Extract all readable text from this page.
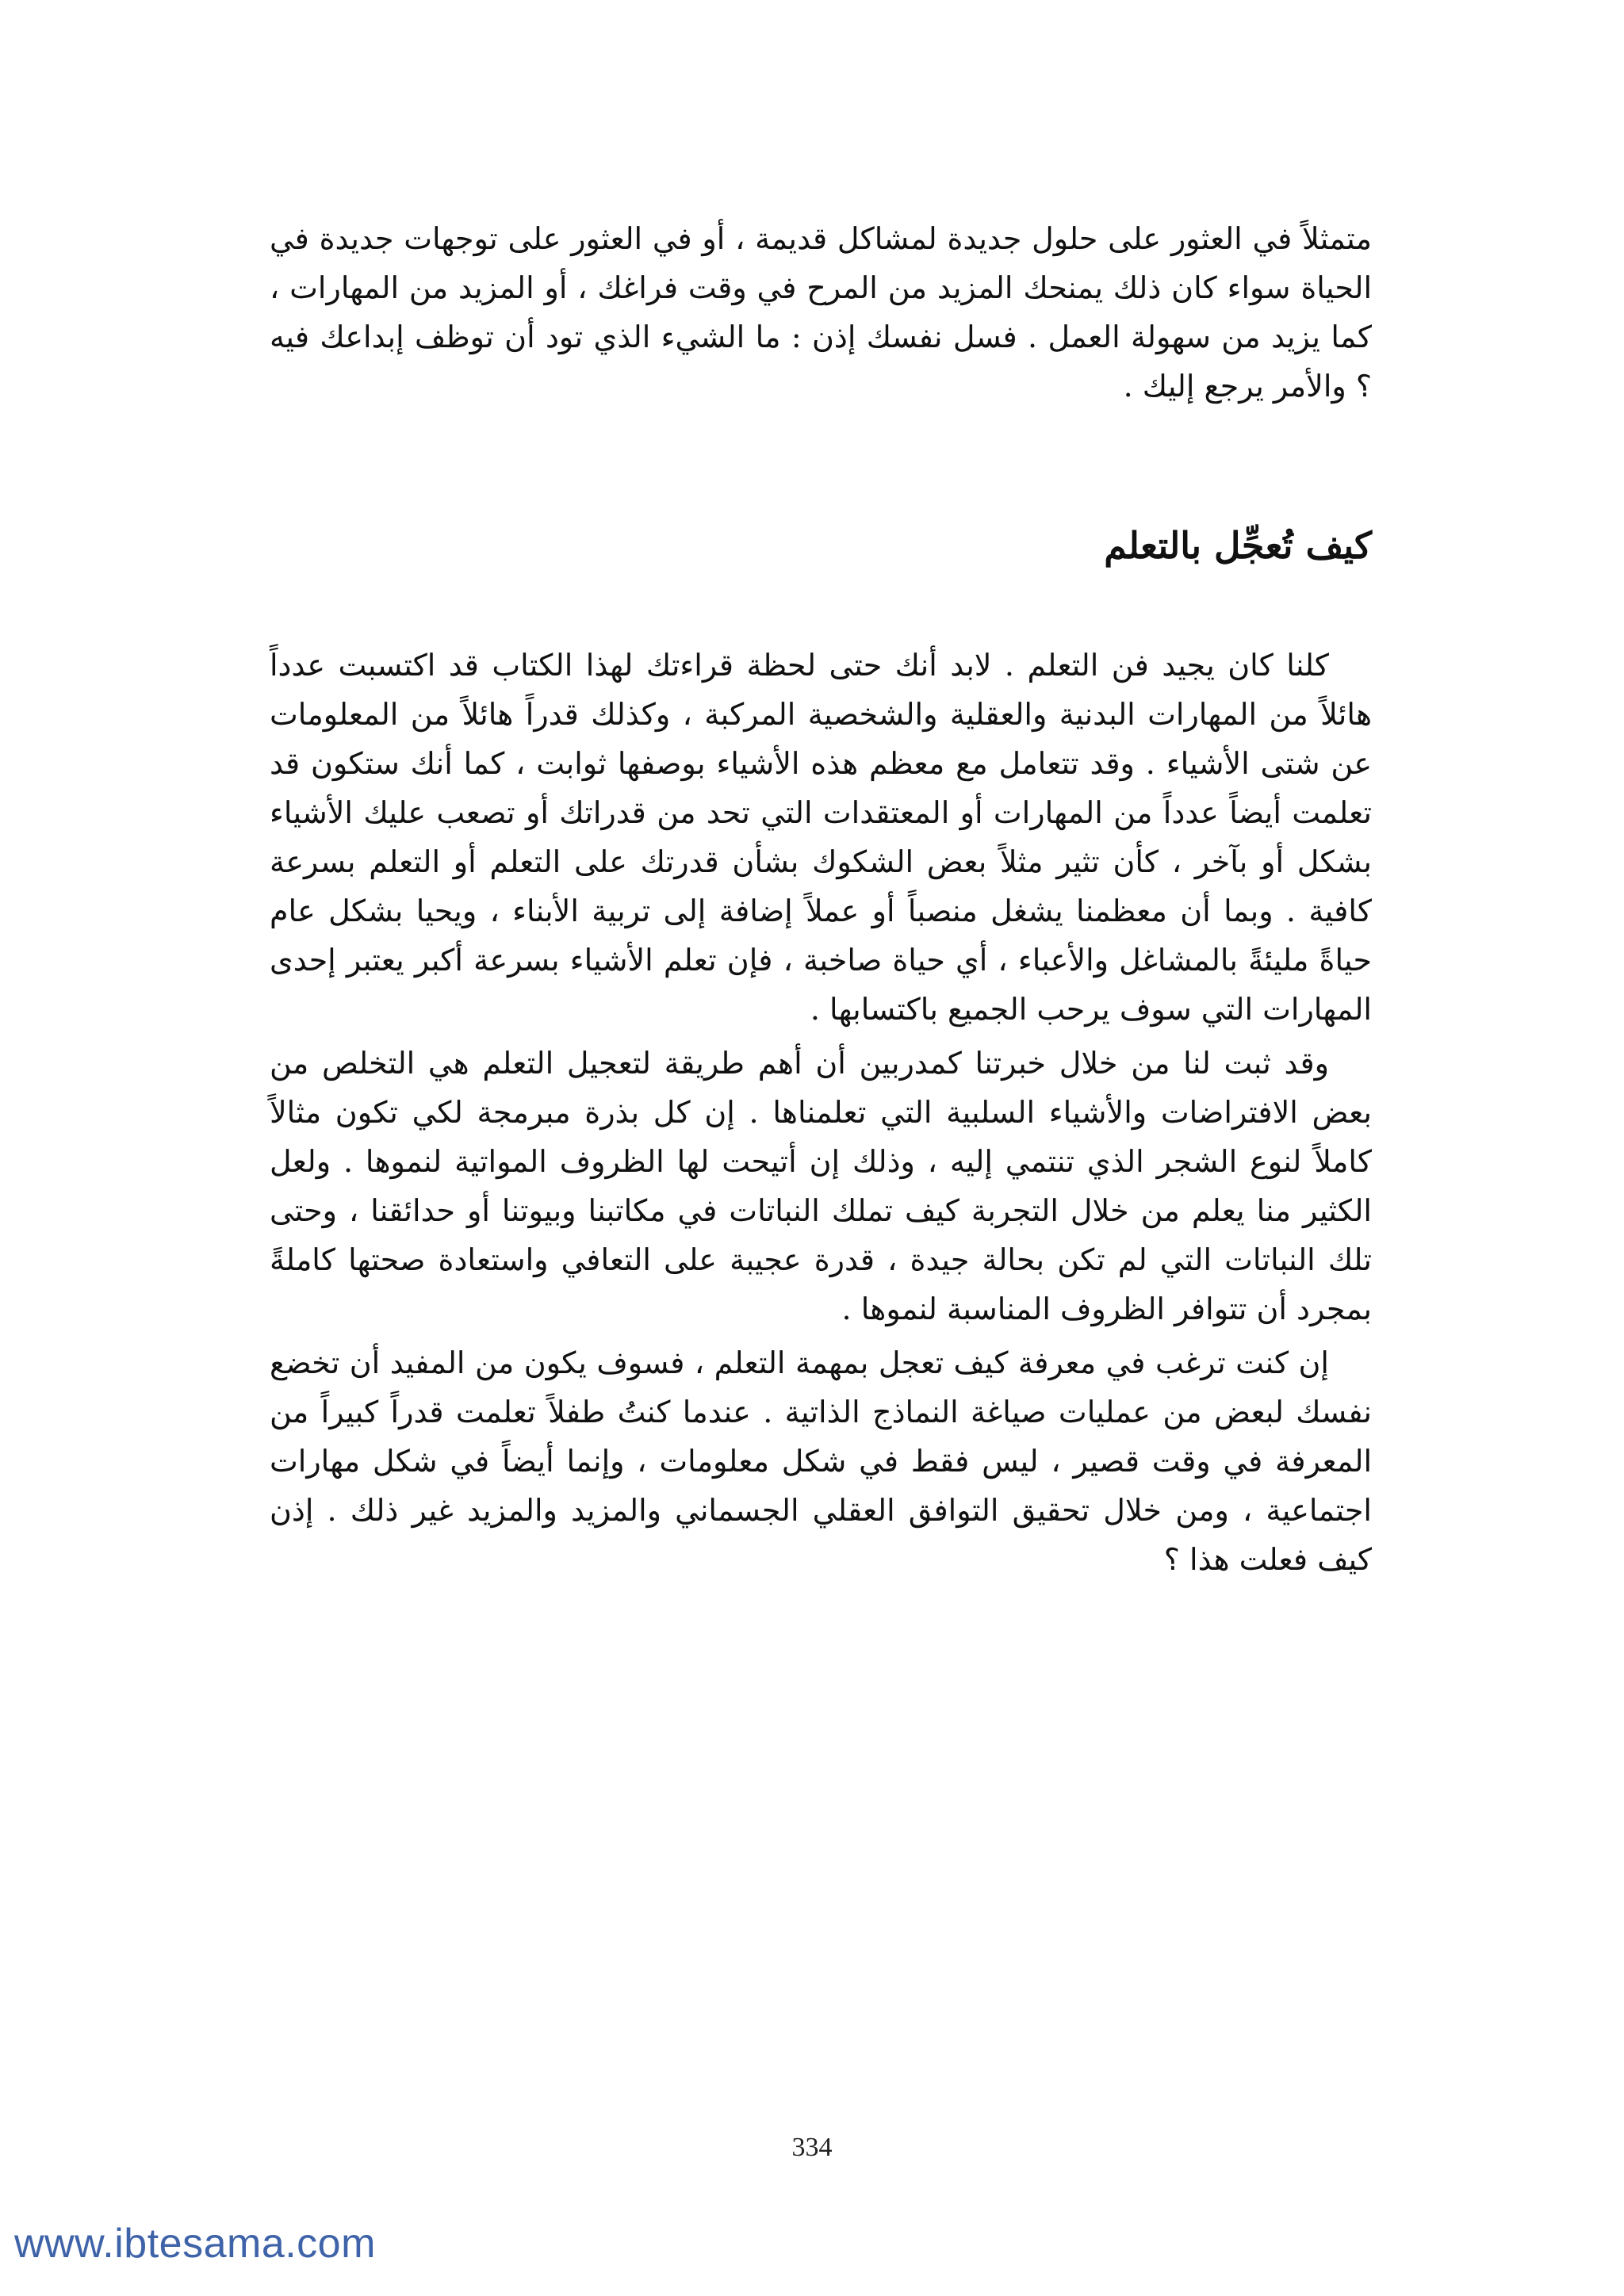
متمثلاً في العثور على حلول جديدة لمشاكل قديمة ، أو في العثور على توجهات جديدة في الحياة سواء كان ذلك يمنحك المزيد من المرح في وقت فراغك ، أو المزيد من المهارات ، كما يزيد من سهولة العمل . فسل نفسك إذن : ما الشيء الذي تود أن توظف إبداعك فيه ؟ والأمر يرجع إليك .

كيف تُعجِّل بالتعلم

كلنا كان يجيد فن التعلم . لابد أنك حتى لحظة قراءتك لهذا الكتاب قد اكتسبت عدداً هائلاً من المهارات البدنية والعقلية والشخصية المركبة ، وكذلك قدراً هائلاً من المعلومات عن شتى الأشياء . وقد تتعامل مع معظم هذه الأشياء بوصفها ثوابت ، كما أنك ستكون قد تعلمت أيضاً عدداً من المهارات أو المعتقدات التي تحد من قدراتك أو تصعب عليك الأشياء بشكل أو بآخر ، كأن تثير مثلاً بعض الشكوك بشأن قدرتك على التعلم أو التعلم بسرعة كافية . وبما أن معظمنا يشغل منصباً أو عملاً إضافة إلى تربية الأبناء ، ويحيا بشكل عام حياةً مليئةً بالمشاغل والأعباء ، أي حياة صاخبة ، فإن تعلم الأشياء بسرعة أكبر يعتبر إحدى المهارات التي سوف يرحب الجميع باكتسابها .

وقد ثبت لنا من خلال خبرتنا كمدربين أن أهم طريقة لتعجيل التعلم هي التخلص من بعض الافتراضات والأشياء السلبية التي تعلمناها . إن كل بذرة مبرمجة لكي تكون مثالاً كاملاً لنوع الشجر الذي تنتمي إليه ، وذلك إن أتيحت لها الظروف المواتية لنموها . ولعل الكثير منا يعلم من خلال التجربة كيف تملك النباتات في مكاتبنا وبيوتنا أو حدائقنا ، وحتى تلك النباتات التي لم تكن بحالة جيدة ، قدرة عجيبة على التعافي واستعادة صحتها كاملةً بمجرد أن تتوافر الظروف المناسبة لنموها .

إن كنت ترغب في معرفة كيف تعجل بمهمة التعلم ، فسوف يكون من المفيد أن تخضع نفسك لبعض من عمليات صياغة النماذج الذاتية . عندما كنتُ طفلاً تعلمت قدراً كبيراً من المعرفة في وقت قصير ، ليس فقط في شكل معلومات ، وإنما أيضاً في شكل مهارات اجتماعية ، ومن خلال تحقيق التوافق العقلي الجسماني والمزيد والمزيد غير ذلك . إذن كيف فعلت هذا ؟

334
www.ibtesama.com
